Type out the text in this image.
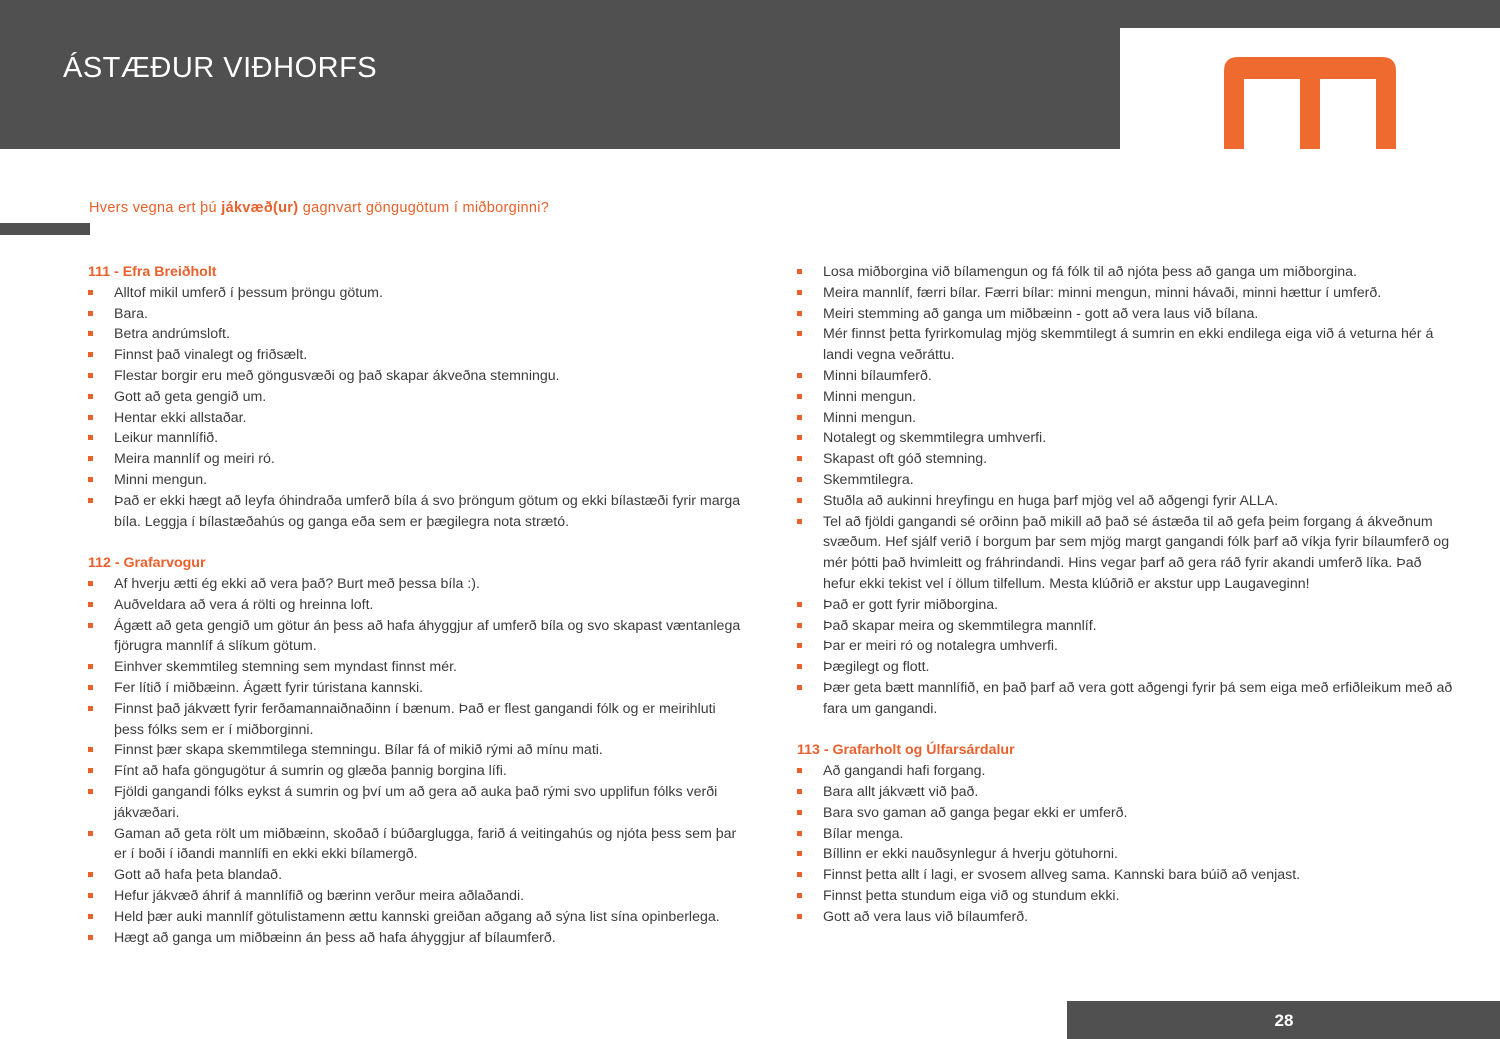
ÁSTÆÐUR VIÐHORFS
Hvers vegna ert þú jákvæð(ur) gagnvart göngugötum í miðborginni?
111 - Efra Breiðholt
Alltof mikil umferð í þessum þröngu götum.
Bara.
Betra andrúmsloft.
Finnst það vinalegt og friðsælt.
Flestar borgir eru með göngusvæði og það skapar ákveðna stemningu.
Gott að geta gengið um.
Hentar ekki allstaðar.
Leikur mannlífið.
Meira mannlíf og meiri ró.
Minni mengun.
Það er ekki hægt að leyfa óhindraða umferð bíla á svo þröngum götum og ekki bílastæði fyrir marga bíla. Leggja í bílastæðahús og ganga eða sem er þægilegra nota strætó.
112 - Grafarvogur
Af hverju ætti ég ekki að vera það? Burt með þessa bíla :).
Auðveldara að vera á rölti og hreinna loft.
Ágætt að geta gengið um götur án þess að hafa áhyggjur af umferð bíla og svo skapast væntanlega fjörugra mannlíf á slíkum götum.
Einhver skemmtileg stemning sem myndast finnst mér.
Fer lítið í miðbæinn. Ágætt fyrir túristana kannski.
Finnst það jákvætt fyrir ferðamannaiðnaðinn í bænum. Það er flest gangandi fólk og er meirihluti þess fólks sem er í miðborginni.
Finnst þær skapa skemmtilega stemningu. Bílar fá of mikið rými að mínu mati.
Fínt að hafa göngugötur á sumrin og glæða þannig borgina lífi.
Fjöldi gangandi fólks eykst á sumrin og því um að gera að auka það rými svo upplifun fólks verði jákvæðari.
Gaman að geta rölt um miðbæinn, skoðað í búðarglugga, farið á veitingahús og njóta þess sem þar er í boði í iðandi mannlífi en ekki ekki bílamergð.
Gott að hafa þeta blandað.
Hefur jákvæð áhrif á mannlífið og bærinn verður meira aðlaðandi.
Held þær auki mannlíf götulistamenn ættu kannski greiðan aðgang að sýna list sína opinberlega.
Hægt að ganga um miðbæinn án þess að hafa áhyggjur af bílaumferð.
Losa miðborgina við bílamengun og fá fólk til að njóta þess að ganga um miðborgina.
Meira mannlíf, færri bílar. Færri bílar: minni mengun, minni hávaði, minni hættur í umferð.
Meiri stemming að ganga um miðbæinn - gott að vera laus við bílana.
Mér finnst þetta fyrirkomulag mjög skemmtilegt á sumrin en ekki endilega eiga við á veturna hér á landi vegna veðráttu.
Minni bílaumferð.
Minni mengun.
Minni mengun.
Notalegt og skemmtilegra umhverfi.
Skapast oft góð stemning.
Skemmtilegra.
Stuðla að aukinni hreyfingu en huga þarf mjög vel að aðgengi fyrir ALLA.
Tel að fjöldi gangandi sé orðinn það mikill að það sé ástæða til að gefa þeim forgang á ákveðnum svæðum. Hef sjálf verið í borgum þar sem mjög margt gangandi fólk þarf að víkja fyrir bílaumferð og mér þótti það hvimleitt og fráhrindandi. Hins vegar þarf að gera ráð fyrir akandi umferð líka. Það hefur ekki tekist vel í öllum tilfellum. Mesta klúðrið er akstur upp Laugaveginn!
Það er gott fyrir miðborgina.
Það skapar meira og skemmtilegra mannlíf.
Þar er meiri ró og notalegra umhverfi.
Þægilegt og flott.
Þær geta bætt mannlífið, en það þarf að vera gott aðgengi fyrir þá sem eiga með erfiðleikum með að fara um gangandi.
113 - Grafarholt og Úlfarsárdalur
Að gangandi hafi forgang.
Bara allt jákvætt við það.
Bara svo gaman að ganga þegar ekki er umferð.
Bílar menga.
Bíllinn er ekki nauðsynlegur á hverju götuhorni.
Finnst þetta allt í lagi, er svosem allveg sama. Kannski bara búið að venjast.
Finnst þetta stundum eiga við og stundum ekki.
Gott að vera laus við bílaumferð.
28
